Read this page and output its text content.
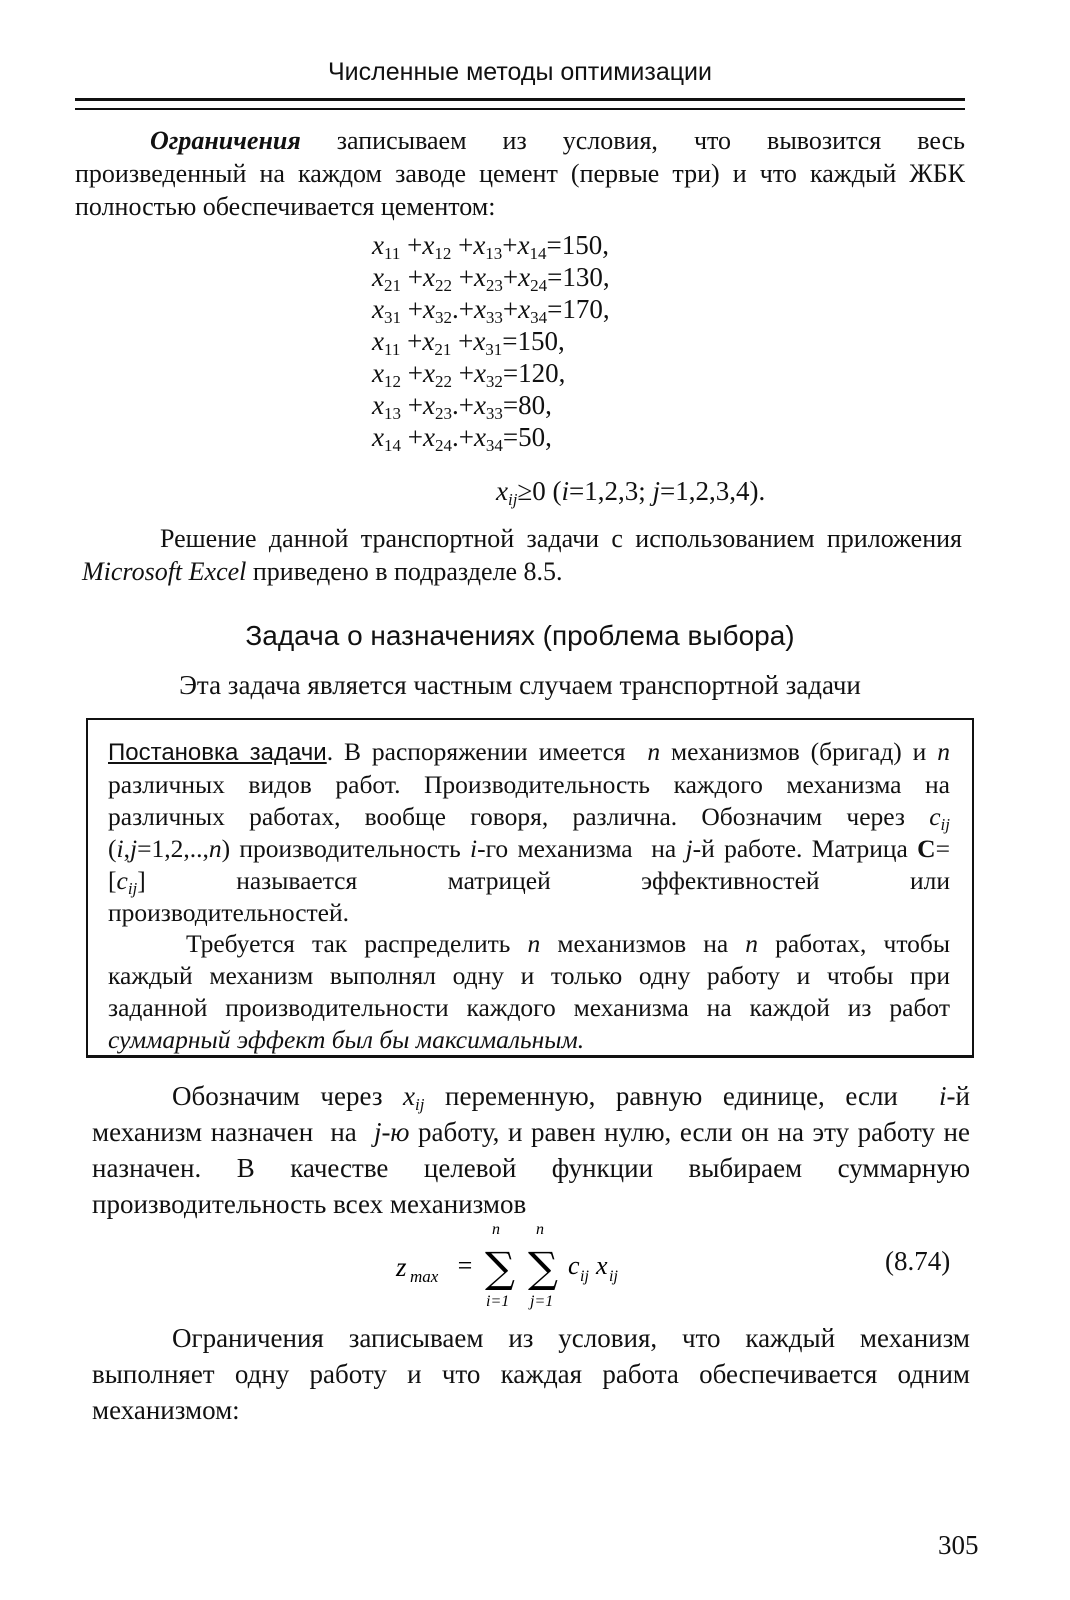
Численные методы оптимизации
Ограничения записываем из условия, что вывозится весь произведенный на каждом заводе цемент (первые три) и что каждый ЖБК полностью обеспечивается цементом:
$x_{11} +x_{12} +x_{13}+x_{14}=150$,
$x_{21} +x_{22} +x_{23}+x_{24}=130$,
$x_{31} +x_{32}.+x_{33}+x_{34}=170$,
$x_{11} +x_{21} +x_{31}=150$,
$x_{12} +x_{22} +x_{32}=120$,
$x_{13} +x_{23}.+x_{33}=80$,
$x_{14} +x_{24}.+x_{34}=50$,
$x_{ij}\ge 0$ (i=1,2,3; j=1,2,3,4).
Решение данной транспортной задачи с использованием приложения Microsoft Excel приведено в подразделе 8.5.
Задача о назначениях (проблема выбора)
Эта задача является частным случаем транспортной задачи
Постановка задачи. В распоряжении имеется  n механизмов (бригад) и n различных видов работ. Производительность каждого механизма на различных работах, вообще говоря, различна. Обозначим через $c_{ij}$ (i,j=1,2,..,n) производительность i-го механизма  на j-й работе. Матрица $C=[c_{ij}]$     называется     матрицей     эффективностей     или производительностей.
Требуется так распределить n механизмов на n работах, чтобы каждый механизм выполнял одну и только одну работу и чтобы при заданной производительности каждого механизма на каждой из работ суммарный эффект был бы максимальным.
Обозначим через $x_{ij}$ переменную, равную единице, если  i-й механизм назначен  на  j-ю работу, и равен нулю, если он на эту работу не назначен. В качестве целевой функции выбираем суммарную производительность всех механизмов
z max = ∑
n
i=1
∑
n
j=1
c ij x ij
(8.74)
Ограничения записываем из условия, что каждый механизм выполняет одну работу и что каждая работа обеспечивается одним механизмом:
305
